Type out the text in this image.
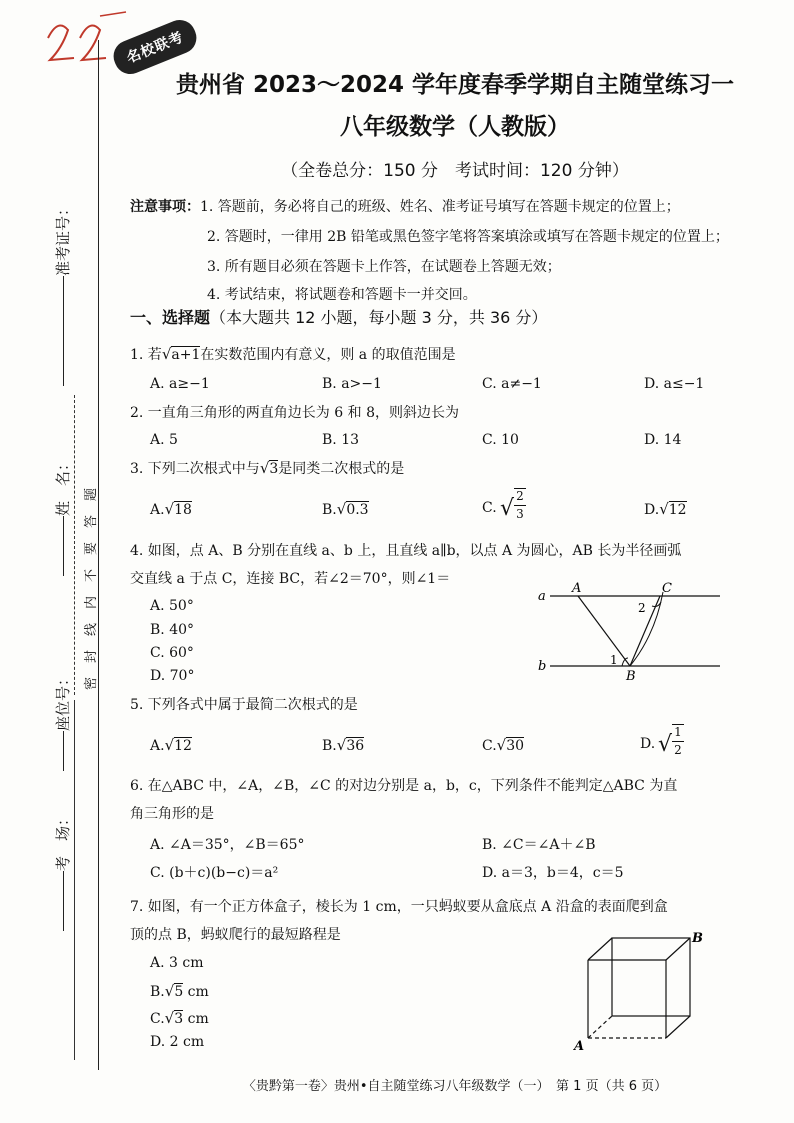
名校联考
准考证号：
姓　名：
座位号：
考　场：
密封线内不要答题
贵州省 2023～2024 学年度春季学期自主随堂练习一
八年级数学（人教版）
（全卷总分：150 分　考试时间：120 分钟）
注意事项：1. 答题前，务必将自己的班级、姓名、准考证号填写在答题卡规定的位置上；
2. 答题时，一律用 2B 铅笔或黑色签字笔将答案填涂或填写在答题卡规定的位置上；
3. 所有题目必须在答题卡上作答，在试题卷上答题无效；
4. 考试结束，将试题卷和答题卡一并交回。
一、选择题（本大题共 12 小题，每小题 3 分，共 36 分）
1. 若√a+1在实数范围内有意义，则 a 的取值范围是
A. a≥−1	B. a>−1	C. a≠−1	D. a≤−1
2. 一直角三角形的两直角边长为 6 和 8，则斜边长为
A. 5	B. 13	C. 10	D. 14
3. 下列二次根式中与√3是同类二次根式的是
A.√18	B.√0.3	C. √ 2
3	D.√12
4. 如图，点 A、B 分别在直线 a、b 上，且直线 a∥b，以点 A 为圆心，AB 长为半径画弧
交直线 a 于点 C，连接 BC，若∠2＝70°，则∠1＝
A. 50°
B. 40°
C. 60°
D. 70°
a
b
A
B
C
1
2
5. 下列各式中属于最简二次根式的是
A.√12	B.√36	C.√30	D. √ 1
2
6. 在△ABC 中，∠A，∠B，∠C 的对边分别是 a，b，c，下列条件不能判定△ABC 为直
角三角形的是
A. ∠A＝35°，∠B＝65°	B. ∠C＝∠A＋∠B
C. (b＋c)(b−c)＝a²	D. a＝3，b＝4，c＝5
7. 如图，有一个正方体盒子，棱长为 1 cm，一只蚂蚁要从盒底点 A 沿盒的表面爬到盒
顶的点 B，蚂蚁爬行的最短路程是
A. 3 cm
B.√5 cm
C.√3 cm
D. 2 cm	A
B
〈贵黔第一卷〉贵州•自主随堂练习八年级数学（一）　第 1 页（共 6 页）
